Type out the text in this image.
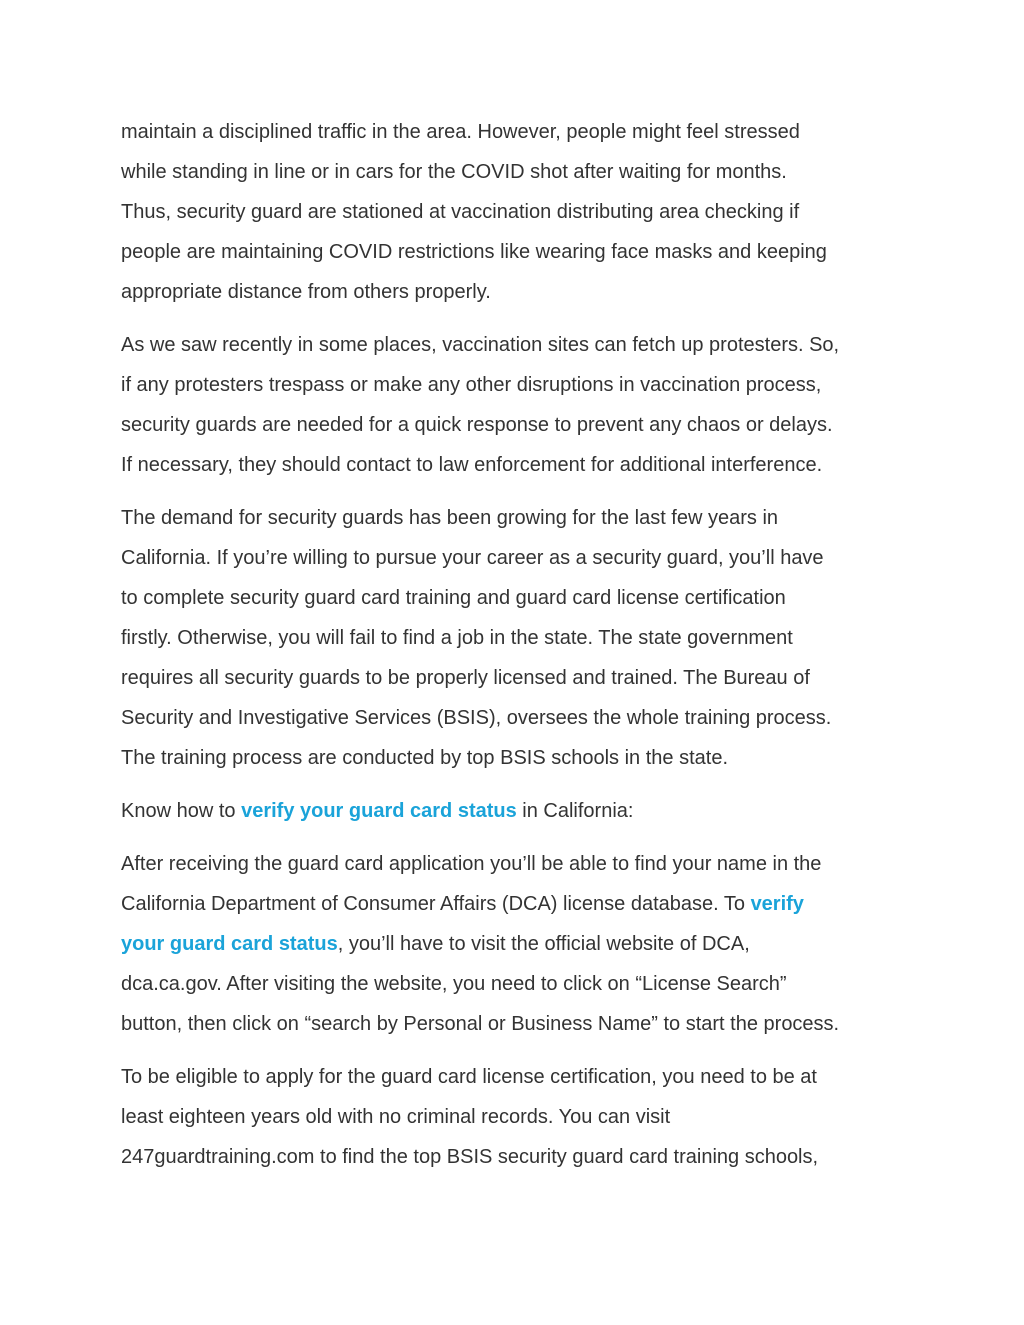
maintain a disciplined traffic in the area. However, people might feel stressed
while standing in line or in cars for the COVID shot after waiting for months.
Thus, security guard are stationed at vaccination distributing area checking if
people are maintaining COVID restrictions like wearing face masks and keeping
appropriate distance from others properly.

As we saw recently in some places, vaccination sites can fetch up protesters. So,
if any protesters trespass or make any other disruptions in vaccination process,
security guards are needed for a quick response to prevent any chaos or delays.
If necessary, they should contact to law enforcement for additional interference.

The demand for security guards has been growing for the last few years in
California. If you’re willing to pursue your career as a security guard, you’ll have
to complete security guard card training and guard card license certification
firstly. Otherwise, you will fail to find a job in the state. The state government
requires all security guards to be properly licensed and trained. The Bureau of
Security and Investigative Services (BSIS), oversees the whole training process.
The training process are conducted by top BSIS schools in the state.

Know how to verify your guard card status in California:

After receiving the guard card application you’ll be able to find your name in the
California Department of Consumer Affairs (DCA) license database. To verify
your guard card status, you’ll have to visit the official website of DCA,
dca.ca.gov. After visiting the website, you need to click on “License Search”
button, then click on “search by Personal or Business Name” to start the process.

To be eligible to apply for the guard card license certification, you need to be at
least eighteen years old with no criminal records. You can visit
247guardtraining.com to find the top BSIS security guard card training schools,
